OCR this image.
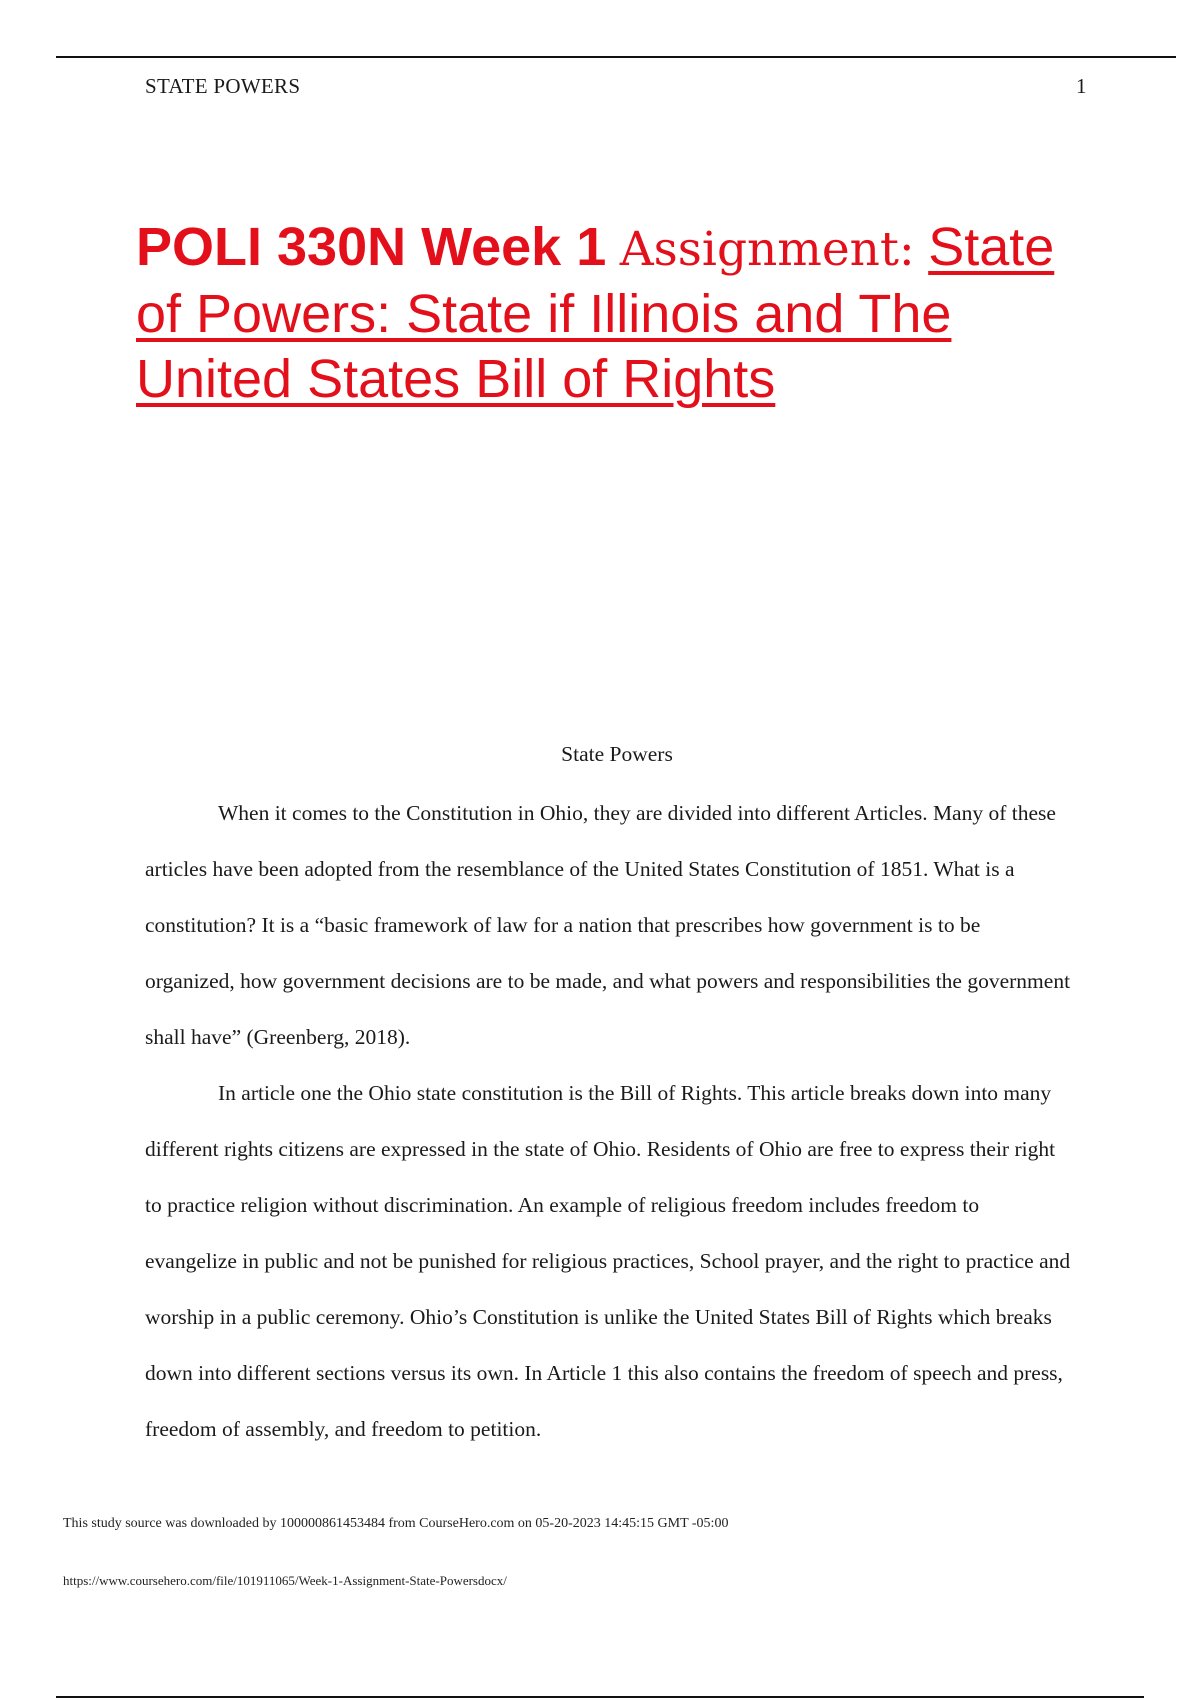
STATE POWERS	1
POLI 330N Week 1 Assignment: State of Powers: State if Illinois and The United States Bill of Rights
State Powers

When it comes to the Constitution in Ohio, they are divided into different Articles. Many of these articles have been adopted from the resemblance of the United States Constitution of 1851. What is a constitution? It is a “basic framework of law for a nation that prescribes how government is to be organized, how government decisions are to be made, and what powers and responsibilities the government shall have” (Greenberg, 2018).

In article one the Ohio state constitution is the Bill of Rights. This article breaks down into many different rights citizens are expressed in the state of Ohio. Residents of Ohio are free to express their right to practice religion without discrimination. An example of religious freedom includes freedom to evangelize in public and not be punished for religious practices, School prayer, and the right to practice and worship in a public ceremony. Ohio’s Constitution is unlike the United States Bill of Rights which breaks down into different sections versus its own. In Article 1 this also contains the freedom of speech and press, freedom of assembly, and freedom to petition.

This study source was downloaded by 100000861453484 from CourseHero.com on 05-20-2023 14:45:15 GMT -05:00
https://www.coursehero.com/file/101911065/Week-1-Assignment-State-Powersdocx/
